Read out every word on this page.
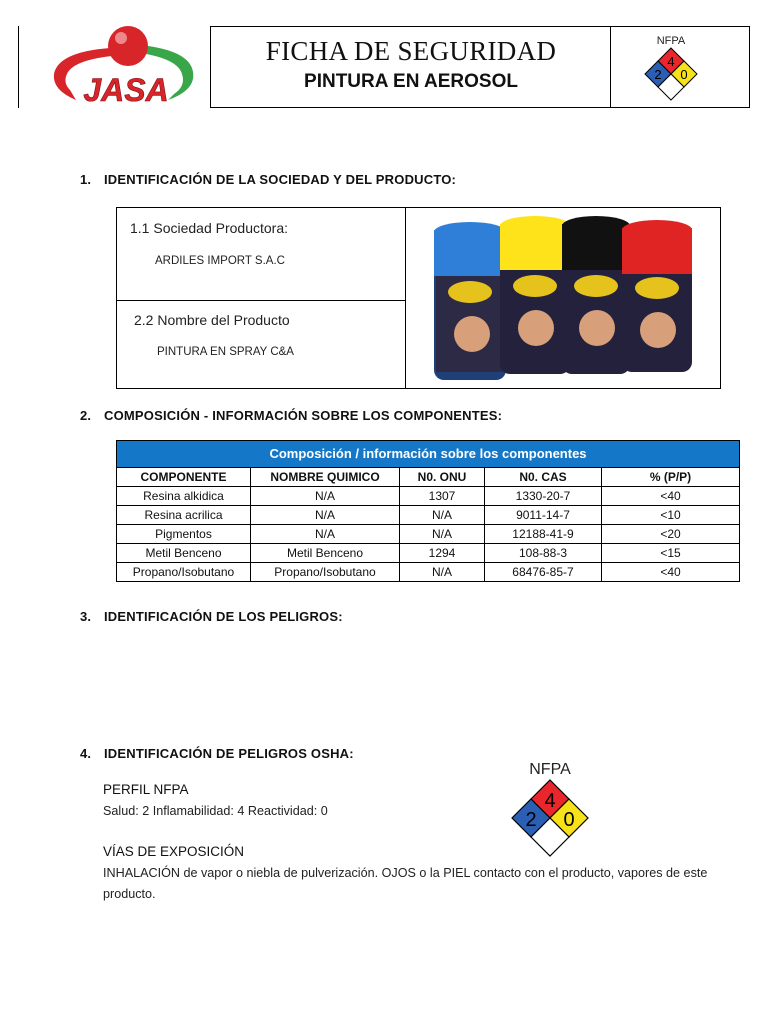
JASA
FICHA DE SEGURIDAD
PINTURA EN AEROSOL
NFPA
4
2 0
1. IDENTIFICACIÓN DE LA SOCIEDAD Y DEL PRODUCTO:
1.1 Sociedad Productora:
ARDILES IMPORT S.A.C
2.2 Nombre del Producto
PINTURA EN SPRAY C&A
2. COMPOSICIÓN - INFORMACIÓN SOBRE LOS COMPONENTES:
Composición / información sobre los componentes				
COMPONENTE	NOMBRE QUIMICO	N0. ONU	N0. CAS	% (P/P)
Resina alkidica	N/A	1307	1330-20-7	<40
Resina acrilica	N/A	N/A	9011-14-7	<10
Pigmentos	N/A	N/A	12188-41-9	<20
Metil Benceno	Metil Benceno	1294	108-88-3	<15
Propano/Isobutano	Propano/Isobutano	N/A	68476-85-7	<40
3. IDENTIFICACIÓN DE LOS PELIGROS:
4. IDENTIFICACIÓN DE PELIGROS OSHA:
PERFIL NFPA
Salud: 2 Inflamabilidad: 4 Reactividad: 0
VÍAS DE EXPOSICIÓN
INHALACIÓN de vapor o niebla de pulverización. OJOS o la PIEL contacto con el producto, vapores de este producto.
NFPA
4
2 0
